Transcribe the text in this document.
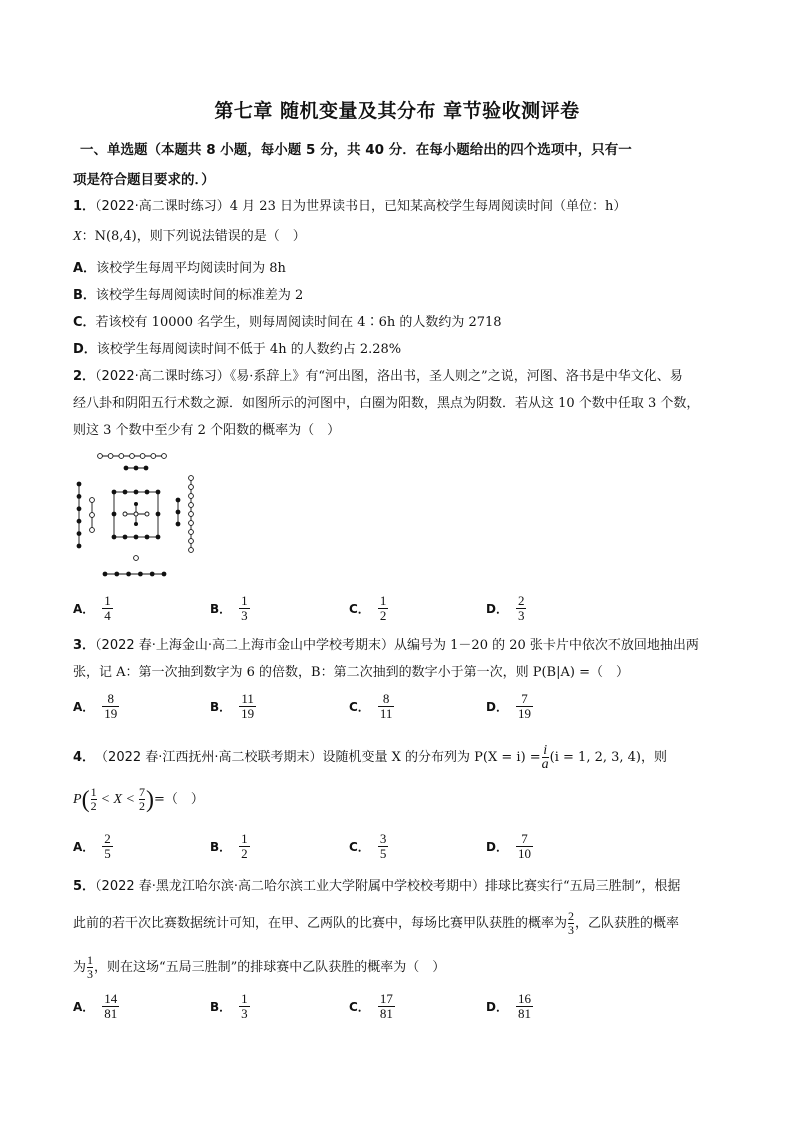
第七章 随机变量及其分布 章节验收测评卷
一、单选题（本题共 8 小题，每小题 5 分，共 40 分．在每小题给出的四个选项中，只有一
项是符合题目要求的．）
1．（2022·高二课时练习）4 月 23 日为世界读书日，已知某高校学生每周阅读时间（单位：h）
X：N(8,4)，则下列说法错误的是（　）
A．该校学生每周平均阅读时间为 8h
B．该校学生每周阅读时间的标准差为 2
C．若该校有 10000 名学生，则每周阅读时间在 4∶6h 的人数约为 2718
D．该校学生每周阅读时间不低于 4h 的人数约占 2.28%
2．（2022·高二课时练习）《易·系辞上》有“河出图，洛出书，圣人则之”之说，河图、洛书是中华文化、易
经八卦和阴阳五行术数之源．如图所示的河图中，白圈为阳数，黑点为阴数．若从这 10 个数中任取 3 个数，
则这 3 个数中至少有 2 个阳数的概率为（　）
A． $\frac{1}{4}$	B． $\frac{1}{3}$	C． $\frac{1}{2}$	D． $\frac{2}{3}$
3．（2022 春·上海金山·高二上海市金山中学校考期末）从编号为 1－20 的 20 张卡片中依次不放回地抽出两
张，记 A：第一次抽到数字为 6 的倍数，B：第二次抽到的数字小于第一次，则 P(B|A) =（　）
A． $\frac{8}{19}$	B． $\frac{11}{19}$	C． $\frac{8}{11}$	D． $\frac{7}{19}$
4． （2022 春·江西抚州·高二校联考期末） 设随机变量 X 的分布列为 $P(X = i) = \frac{i}{a} (i = 1$, 2, 3, 4)，则
P ( $\frac{1}{2} < X < \frac{7}{2}$ ) =（　）
A． $\frac{2}{5}$	B． $\frac{1}{2}$	C． $\frac{3}{5}$	D． $\frac{7}{10}$
5．（2022 春·黑龙江哈尔滨·高二哈尔滨工业大学附属中学校校考期中）排球比赛实行“五局三胜制”，根据
此前的若干次比赛数据统计可知，在甲、乙两队的比赛中，每场比赛甲队获胜的概率为 $\frac{2}{3}$ ，乙队获胜的概率
为 $\frac{1}{3}$ ，则在这场“五局三胜制”的排球赛中乙队获胜的概率为（　）
A． $\frac{14}{81}$	B． $\frac{1}{3}$	C． $\frac{17}{81}$	D． $\frac{16}{81}$
